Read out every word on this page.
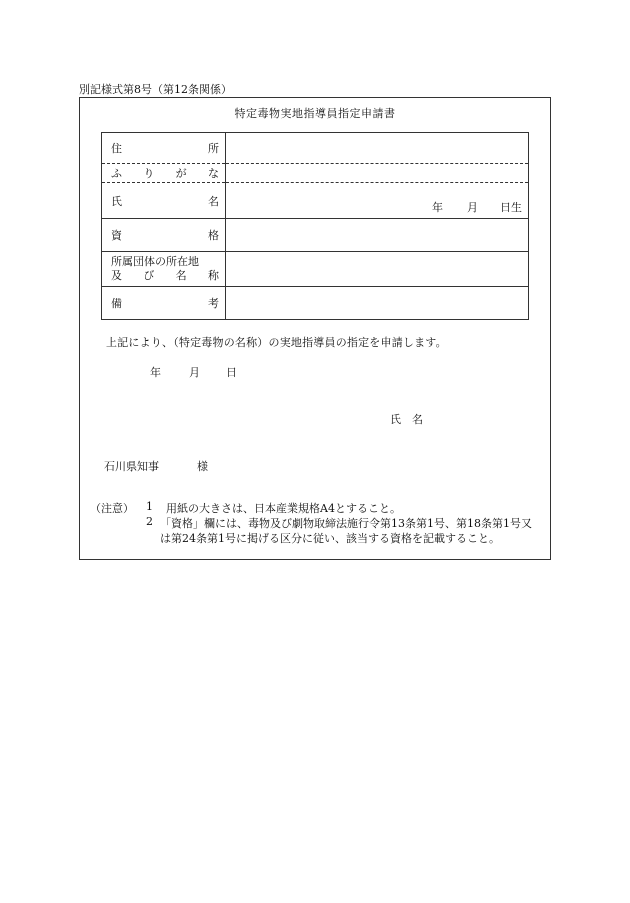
別記様式第8号（第12条関係）
特定毒物実地指導員指定申請書
住 所	

ふ り が な	

氏 名	年 月 日生

資 格	

所属団体の所在地
及 び 名 称	

備 考	

上記により、（特定毒物の名称）の実地指導員の指定を申請します。
年	月 日
氏　名
石川県知事	様
（注意） 1 用紙の大きさは、日本産業規格A4とすること。
2 「資格」欄には、毒物及び劇物取締法施行令第13条第1号、第18条第1号又
は第24条第1号に掲げる区分に従い、該当する資格を記載すること。
